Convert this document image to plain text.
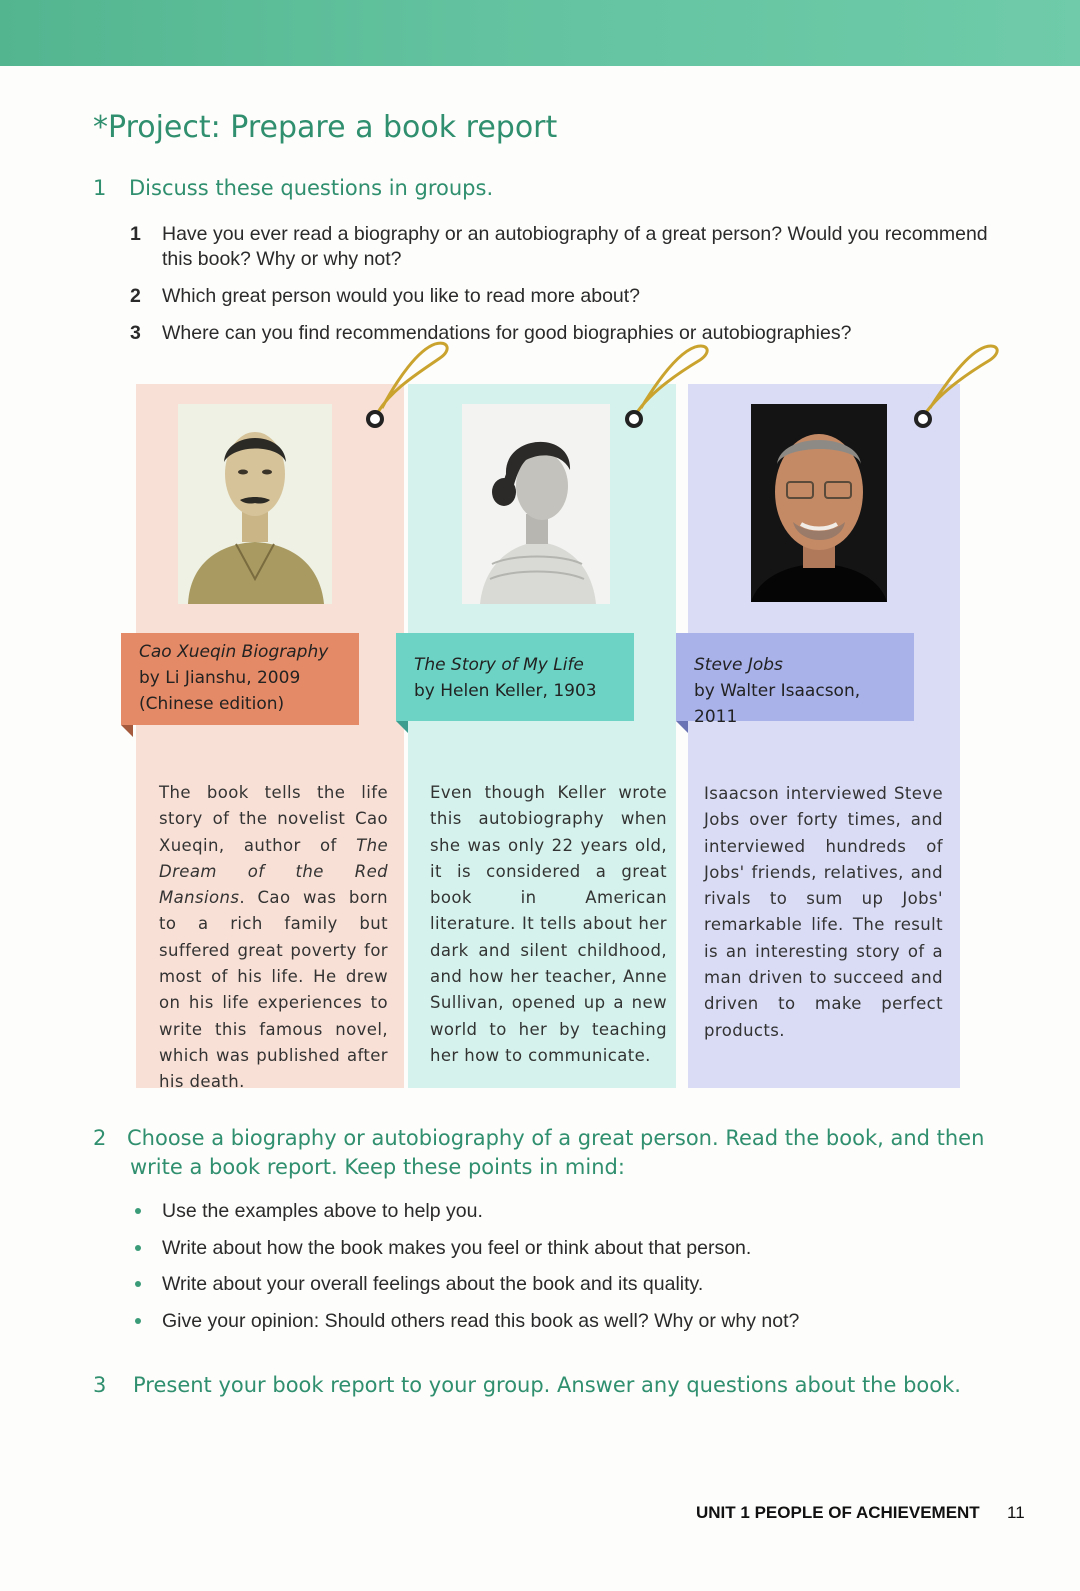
*Project: Prepare a book report
1	Discuss these questions in groups.
1 Have you ever read a biography or an autobiography of a great person? Would you recommend this book? Why or why not?
2 Which great person would you like to read more about?
3 Where can you find recommendations for good biographies or autobiographies?
Cao Xueqin Biography
by Li Jianshu, 2009
(Chinese edition)
The Story of My Life
by Helen Keller, 1903
Steve Jobs
by Walter Isaacson, 2011
The book tells the life story of the novelist Cao Xueqin, author of The Dream of the Red Mansions. Cao was born to a rich family but suffered great poverty for most of his life. He drew on his life experiences to write this famous novel, which was published after his death.
Even though Keller wrote this autobiography when she was only 22 years old, it is considered a great book in American literature. It tells about her dark and silent childhood, and how her teacher, Anne Sullivan, opened up a new world to her by teaching her how to communicate.
Isaacson interviewed Steve Jobs over forty times, and interviewed hundreds of Jobs' friends, relatives, and rivals to sum up Jobs' remarkable life. The result is an interesting story of a man driven to succeed and driven to make perfect products.
2 Choose a biography or autobiography of a great person. Read the book, and then
write a book report. Keep these points in mind:
Use the examples above to help you.
Write about how the book makes you feel or think about that person.
Write about your overall feelings about the book and its quality.
Give your opinion: Should others read this book as well? Why or why not?
3	Present your book report to your group. Answer any questions about the book.
UNIT 1 PEOPLE OF ACHIEVEMENT 11
